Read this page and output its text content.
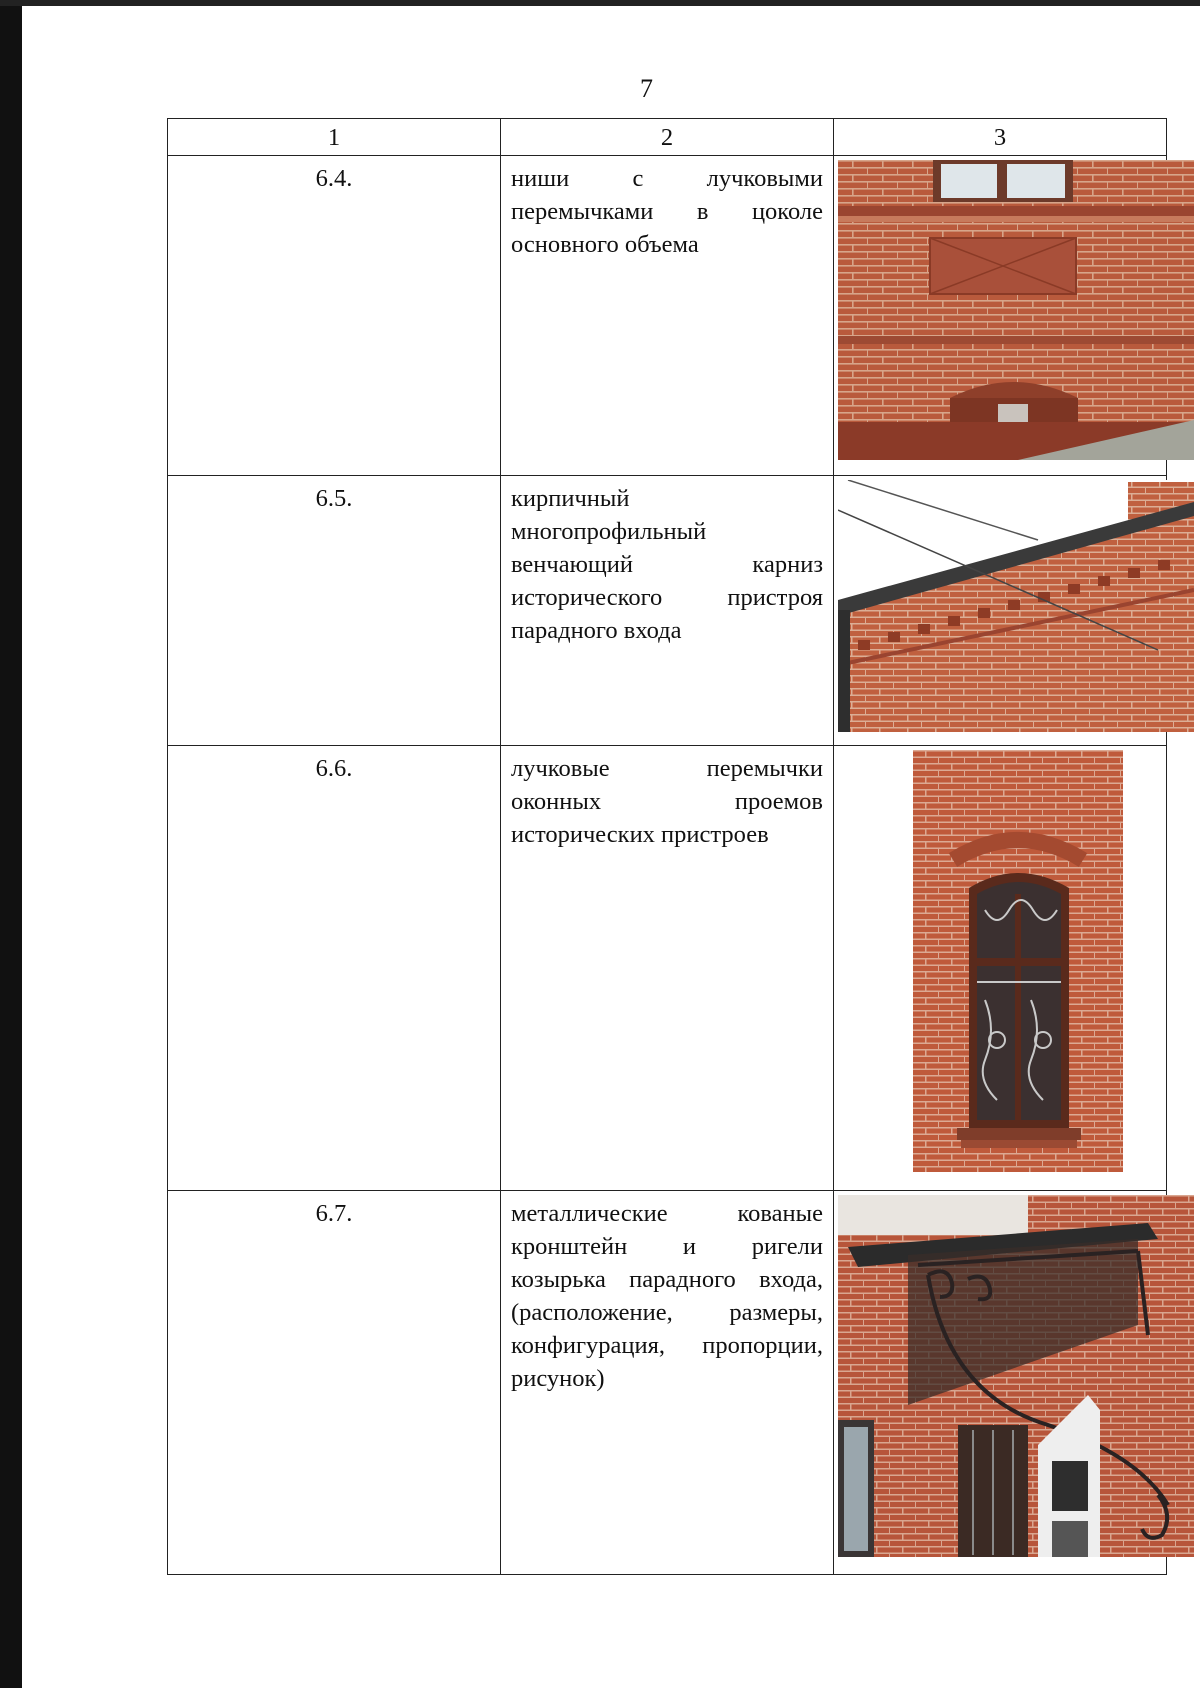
7
1	2	3
6.4.	ниши с лучковыми перемычками в цоколе основного объема	
6.5.	кирпичный многопрофильный венчающий карниз исторического пристроя парадного входа	
6.6.	лучковые перемычки оконных проемов исторических пристроев	

6.7.	металлические кованые кронштейн и ригели козырька парадного входа, (расположение, размеры, конфигурация, пропорции, рисунок)	
